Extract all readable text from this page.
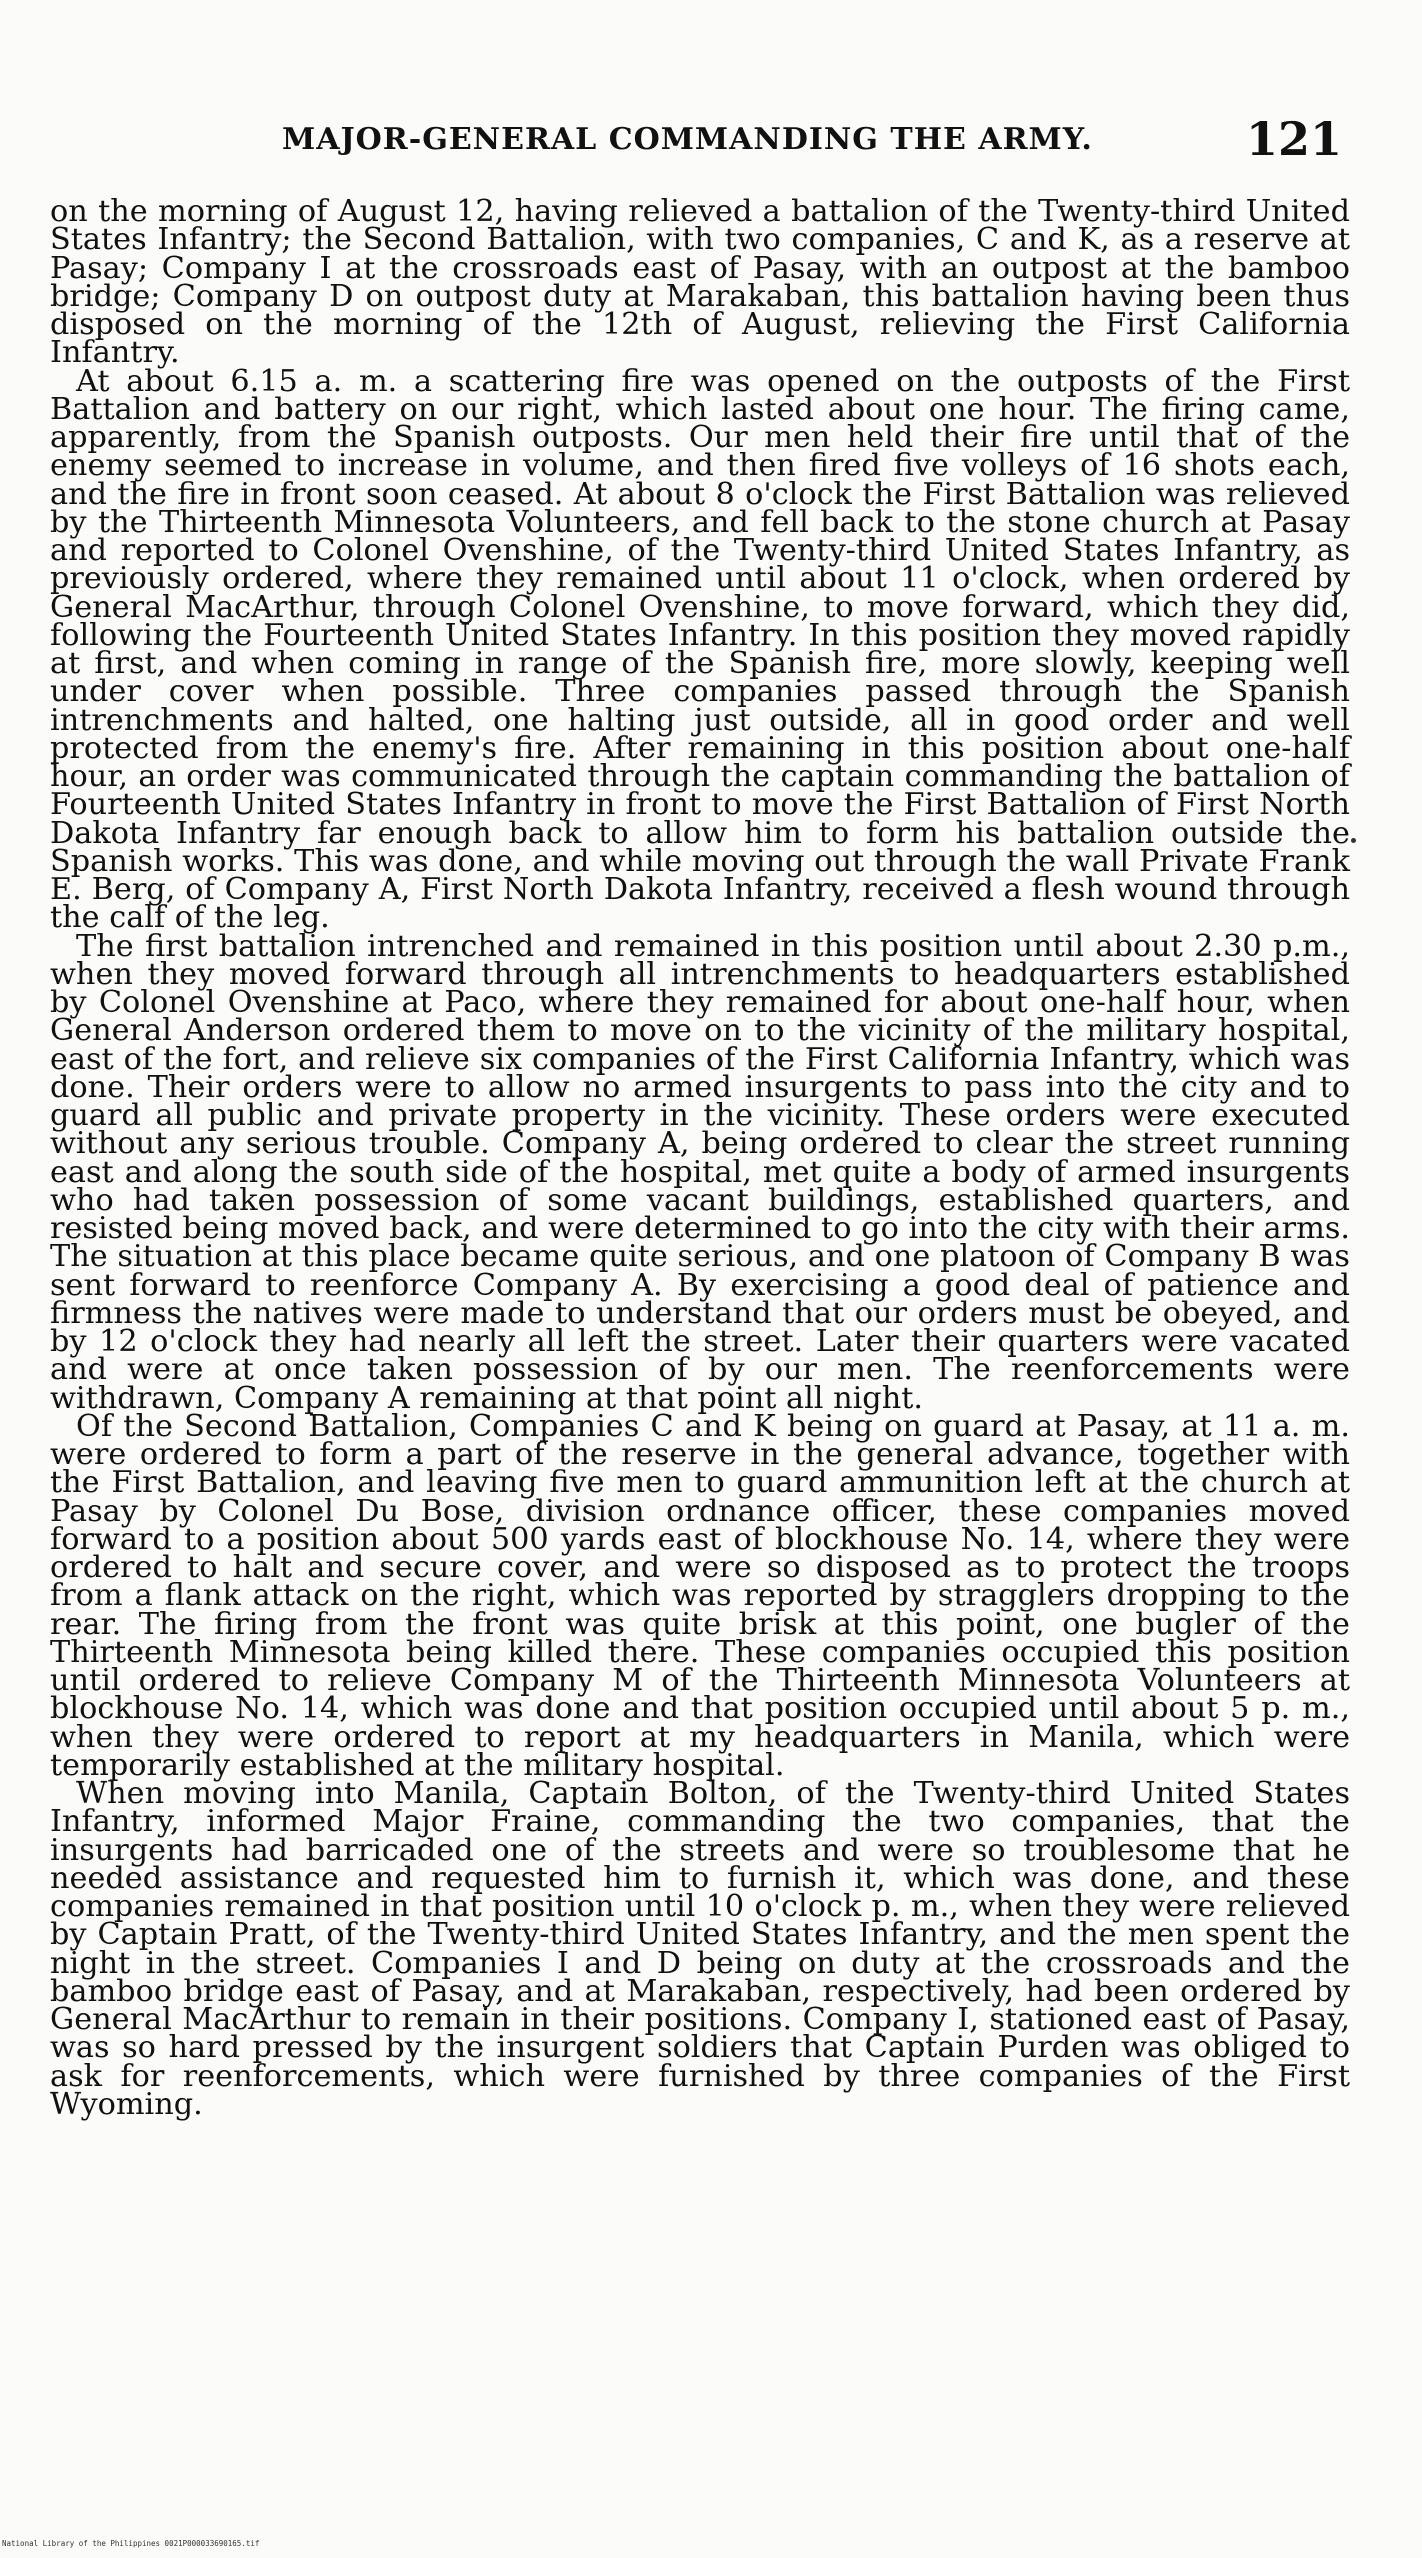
MAJOR-GENERAL COMMANDING THE ARMY.	121

on the morning of August 12, having relieved a battalion of the Twenty-third United States Infantry; the Second Battalion, with two companies, C and K, as a reserve at Pasay; Company I at the crossroads east of Pasay, with an outpost at the bamboo bridge; Company D on outpost duty at Marakaban, this battalion having been thus disposed on the morning of the 12th of August, relieving the First California Infantry.

At about 6.15 a. m. a scattering fire was opened on the outposts of the First Battalion and battery on our right, which lasted about one hour. The firing came, apparently, from the Spanish outposts. Our men held their fire until that of the enemy seemed to increase in volume, and then fired five volleys of 16 shots each, and the fire in front soon ceased. At about 8 o'clock the First Battalion was relieved by the Thirteenth Minnesota Volunteers, and fell back to the stone church at Pasay and reported to Colonel Ovenshine, of the Twenty-third United States Infantry, as previously ordered, where they remained until about 11 o'clock, when ordered by General MacArthur, through Colonel Ovenshine, to move forward, which they did, following the Fourteenth United States Infantry. In this position they moved rapidly at first, and when coming in range of the Spanish fire, more slowly, keeping well under cover when possible. Three companies passed through the Spanish intrenchments and halted, one halting just outside, all in good order and well protected from the enemy's fire. After remaining in this position about one-half hour, an order was communicated through the captain commanding the battalion of Fourteenth United States Infantry in front to move the First Battalion of First North Dakota Infantry far enough back to allow him to form his battalion outside the Spanish works. This was done, and while moving out through the wall Private Frank E. Berg, of Company A, First North Dakota Infantry, received a flesh wound through the calf of the leg.

The first battalion intrenched and remained in this position until about 2.30 p.m., when they moved forward through all intrenchments to headquarters established by Colonel Ovenshine at Paco, where they remained for about one-half hour, when General Anderson ordered them to move on to the vicinity of the military hospital, east of the fort, and relieve six companies of the First California Infantry, which was done. Their orders were to allow no armed insurgents to pass into the city and to guard all public and private property in the vicinity. These orders were executed without any serious trouble. Company A, being ordered to clear the street running east and along the south side of the hospital, met quite a body of armed insurgents who had taken possession of some vacant buildings, established quarters, and resisted being moved back, and were determined to go into the city with their arms. The situation at this place became quite serious, and one platoon of Company B was sent forward to reenforce Company A. By exercising a good deal of patience and firmness the natives were made to understand that our orders must be obeyed, and by 12 o'clock they had nearly all left the street. Later their quarters were vacated and were at once taken possession of by our men. The reenforcements were withdrawn, Company A remaining at that point all night.

Of the Second Battalion, Companies C and K being on guard at Pasay, at 11 a. m. were ordered to form a part of the reserve in the general advance, together with the First Battalion, and leaving five men to guard ammunition left at the church at Pasay by Colonel Du Bose, division ordnance officer, these companies moved forward to a position about 500 yards east of blockhouse No. 14, where they were ordered to halt and secure cover, and were so disposed as to protect the troops from a flank attack on the right, which was reported by stragglers dropping to the rear. The firing from the front was quite brisk at this point, one bugler of the Thirteenth Minnesota being killed there. These companies occupied this position until ordered to relieve Company M of the Thirteenth Minnesota Volunteers at blockhouse No. 14, which was done and that position occupied until about 5 p. m., when they were ordered to report at my headquarters in Manila, which were temporarily established at the military hospital.

When moving into Manila, Captain Bolton, of the Twenty-third United States Infantry, informed Major Fraine, commanding the two companies, that the insurgents had barricaded one of the streets and were so troublesome that he needed assistance and requested him to furnish it, which was done, and these companies remained in that position until 10 o'clock p. m., when they were relieved by Captain Pratt, of the Twenty-third United States Infantry, and the men spent the night in the street. Companies I and D being on duty at the crossroads and the bamboo bridge east of Pasay, and at Marakaban, respectively, had been ordered by General MacArthur to remain in their positions. Company I, stationed east of Pasay, was so hard pressed by the insurgent soldiers that Captain Purden was obliged to ask for reenforcements, which were furnished by three companies of the First Wyoming.

National Library of the Philippines 0021P000033690165.tif
